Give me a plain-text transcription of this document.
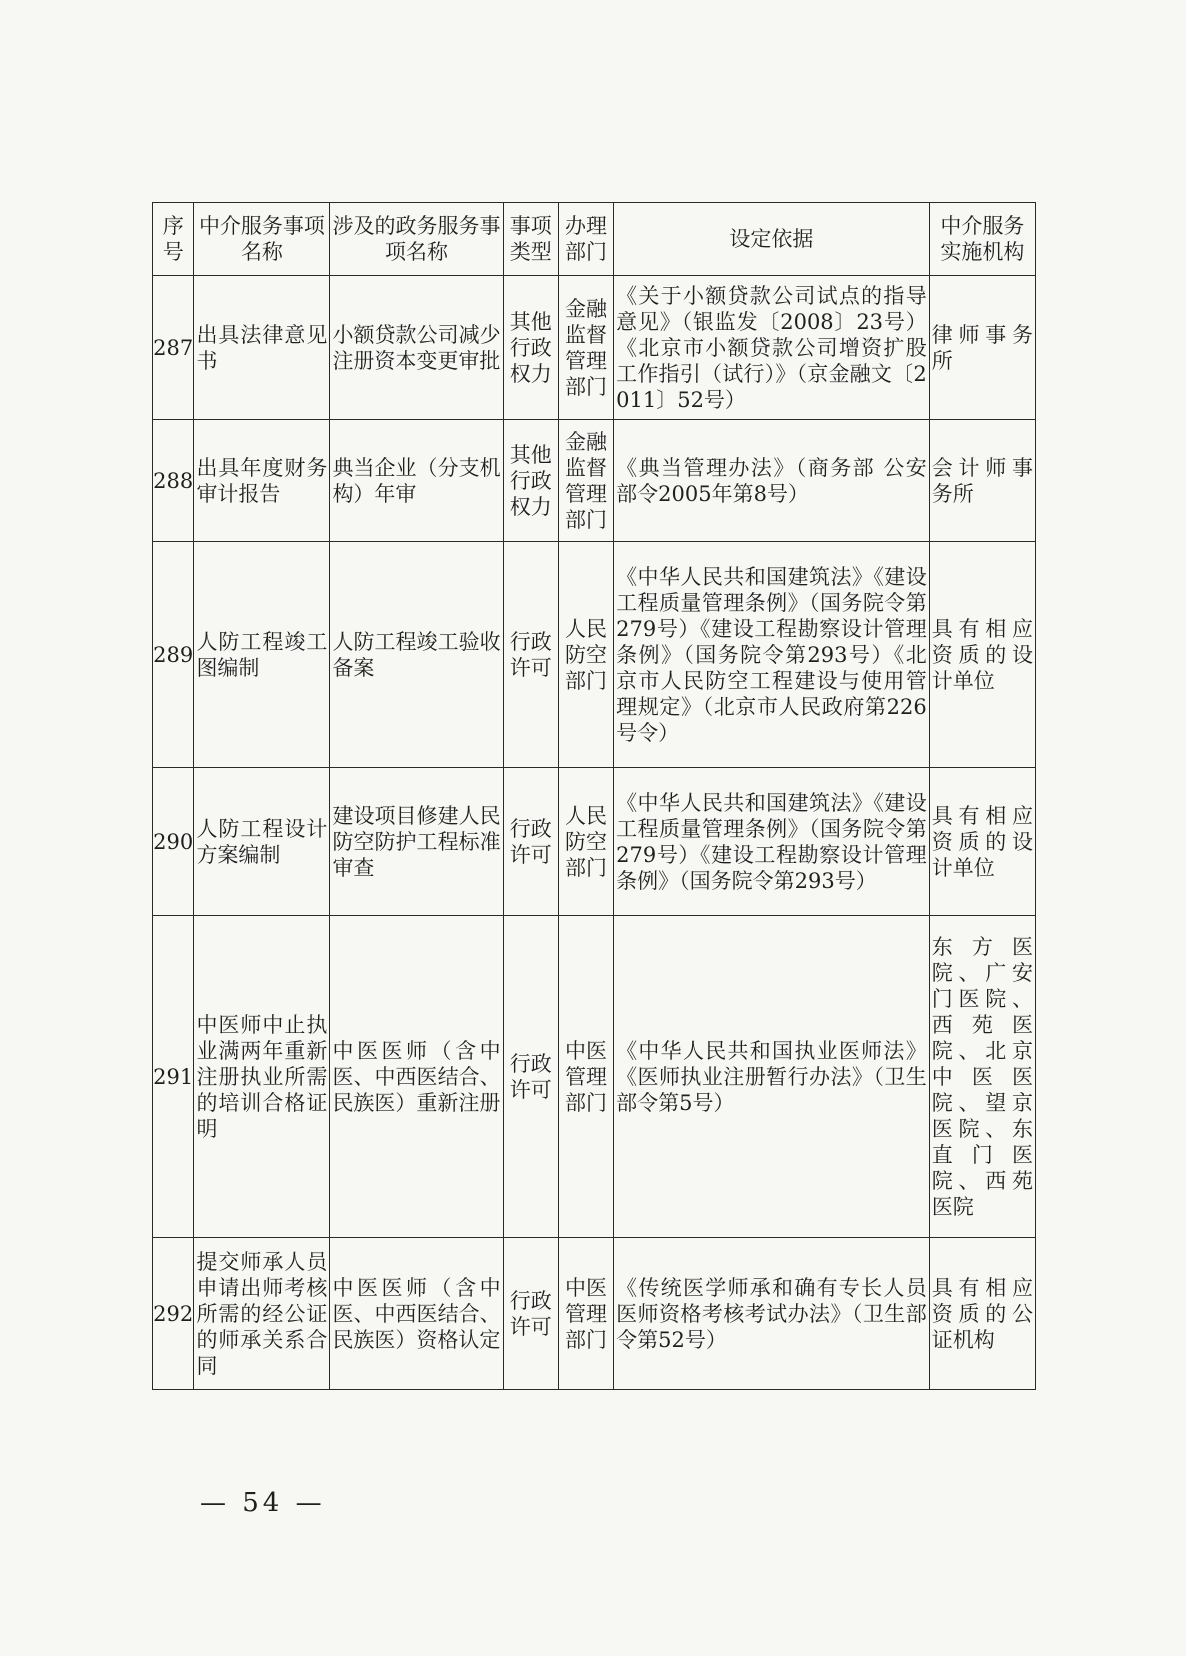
序号	中介服务事项名称	涉及的政务服务事项名称	事项类型	办理部门	设定依据	中介服务实施机构
287	出具法律意见书	小额贷款公司减少注册资本变更审批	其他行政权力	金融监督管理部门	《关于小额贷款公司试点的指导意见》（银监发〔2008〕23号）《北京市小额贷款公司增资扩股工作指引（试行）》（京金融文〔2011〕52号）	律师事务所
288	出具年度财务审计报告	典当企业（分支机构）年审	其他行政权力	金融监督管理部门	《典当管理办法》（商务部 公安部令2005年第8号）	会计师事务所
289	人防工程竣工图编制	人防工程竣工验收备案	行政许可	人民防空部门	《中华人民共和国建筑法》《建设工程质量管理条例》（国务院令第279号）《建设工程勘察设计管理条例》（国务院令第293号）《北京市人民防空工程建设与使用管理规定》（北京市人民政府第226号令）	具有相应资质的设计单位
290	人防工程设计方案编制	建设项目修建人民防空防护工程标准审查	行政许可	人民防空部门	《中华人民共和国建筑法》《建设工程质量管理条例》（国务院令第279号）《建设工程勘察设计管理条例》（国务院令第293号）	具有相应资质的设计单位
291	中医师中止执业满两年重新注册执业所需的培训合格证明	中医医师（含中医、中西医结合、民族医）重新注册	行政许可	中医管理部门	《中华人民共和国执业医师法》《医师执业注册暂行办法》（卫生部令第5号）	东方医院、广安门医院、西苑医院、北京中医医院、望京医院、东直门医院、西苑医院
292	提交师承人员申请出师考核所需的经公证的师承关系合同	中医医师（含中医、中西医结合、民族医）资格认定	行政许可	中医管理部门	《传统医学师承和确有专长人员医师资格考核考试办法》（卫生部令第52号）	具有相应资质的公证机构
— 54 —
